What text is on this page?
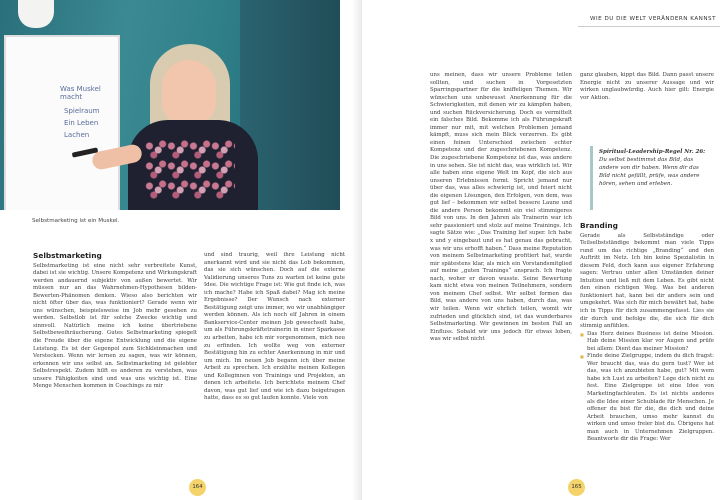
Was Muskel macht
Spielraum
Ein Leben
Lachen
Selbstmarketing ist ein Muskel.
Selbstmarketing

Selbstmarketing ist eine nicht sehr verbreitete Kunst, dabei ist sie wichtig. Unsere Kompetenz und Wirkungskraft werden andauernd subjektiv von außen bewertet. Wir müssen nur an das Wahrnehmen-Hypothesen bilden-Bewerten-Phänomen denken. Wieso also berichten wir nicht öfter über das, was funktioniert? Gerade wenn wir uns wünschen, beispielsweise im Job mehr gesehen zu werden. Selbstlob ist für solche Zwecke wichtig und sinnvoll. Natürlich meine ich keine übertriebene Selbstbeweihräucherung. Gutes Selbstmarketing spiegelt die Freude über die eigene Entwicklung und die eigene Leistung. Es ist der Gegenpol zum Sichkleinmachen und Verstecken. Wenn wir lernen zu sagen, was wir können, erkennen wir uns selbst an. Selbstmarketing ist gelebter Selbstrespekt. Zudem hilft es anderen zu verstehen, was unsere Fähigkeiten sind und was uns wichtig ist. Eine Menge Menschen kommen in Coachings zu mir

und sind traurig, weil ihre Leistung nicht anerkannt wird und sie nicht das Lob bekommen, das sie sich wünschen. Doch auf die externe Validierung unseres Tuns zu warten ist keine gute Idee. Die wichtige Frage ist: Wie gut finde ich, was ich mache? Habe ich Spaß dabei? Mag ich meine Ergebnisse? Der Wunsch nach externer Bestätigung zeigt uns immer, wo wir unabhängiger werden können. Als ich noch elf Jahren in einem Bankservice-Center meinen Job gewechselt habe, um als Führungskräftetrainerin in einer Sparkasse zu arbeiten, habe ich mir vorgenommen, mich neu zu erfinden. Ich wollte weg von externer Bestätigung hin zu echter Anerkennung in mir und um mich. Im neuen Job begann ich über meine Arbeit zu sprechen. Ich erzählte meinen Kollegen und Kolleginnen von Trainings und Projekten, an denen ich arbeitete. Ich berichtete meinem Chef davon, was gut lief und wie ich dazu beigetragen hatte, dass es so gut laufen konnte. Viele von

164
WIE DU DIE WELT VERÄNDERN KANNST

uns meinen, dass wir unsere Probleme teilen sollten, und suchen in Vorgesetzten Sparringspartner für die kniffeligen Themen. Wir wünschen uns unbewusst Anerkennung für die Schwierigkeiten, mit denen wir zu kämpfen haben, und suchen Rückversicherung. Doch es vermittelt ein falsches Bild. Bekomme ich als Führungskraft immer nur mit, mit welchen Problemen jemand kämpft, muss sich mein Blick verzerren. Es gibt einen feinen Unterschied zwischen echter Kompetenz und der zugeschriebenen Kompetenz. Die zugeschriebene Kompetenz ist das, was andere in uns sehen. Sie ist nicht das, was wirklich ist. Wir alle haben eine eigene Welt im Kopf, die sich aus unseren Erlebnissen formt. Spricht jemand nur über das, was alles schwierig ist, und feiert nicht die eigenen Lösungen, den Erfolgen, von dem, was gut lief – bekommen wir selbst bessere Laune und die andere Person bekommt ein viel stimmigeres Bild von uns. In den Jahren als Trainerin war ich sehr passioniert und stolz auf meine Trainings. Ich sagte Sätze wie: „Das Training lief super. Ich habe x und y eingebaut und es hat genau das gebracht, was wir uns erhofft haben.“ Dass meine Reputation von meinem Selbstmarketing profitiert hat, wurde mir spätestens klar, als mich ein Vorstandsmitglied auf meine „guten Trainings“ ansprach. Ich fragte nach, woher er davon wusste. Seine Bewertung kam nicht etwa von meinen Teilnehmern, sondern von meinem Chef selbst. Wir selbst formen das Bild, was andere von uns haben, durch das, was wir teilen. Wenn wir ehrlich teilen, womit wir zufrieden und glücklich sind, ist das wunderbares Selbstmarketing. Wir gewinnen im besten Fall an Einfluss. Sobald wir uns jedoch für etwas loben, was wir selbst nicht

ganz glauben, kippt das Bild. Dann passt unsere Energie nicht zu unserer Aussage und wir wirken unglaubwürdig. Auch hier gilt: Energie vor Aktion.

Spiritual-Leadership-Regel Nr. 26:
Du selbst bestimmst das Bild, das andere von dir haben. Wenn dir das Bild nicht gefällt, prüfe, was andere hören, sehen und erleben.
Branding

Gerade als Selbstständige oder Teilselbstständige bekommt man viele Tipps rund um das richtige „Branding“ und den Auftritt im Netz. Ich bin keine Spezialistin in diesem Feld, doch kann aus eigener Erfahrung sagen: Vertrau unter allen Umständen deiner Intuition und ließ mit dem Leben. Es gibt nicht den einen richtigen Weg. Was bei anderen funktioniert hat, kann bei dir anders sein und umgekehrt. Was sich für mich bewährt hat, habe ich in Tipps für dich zusammengefasst. Lies sie dir durch und befolge die, die sich für dich stimmig anfühlen.

■ Das Herz deines Business ist deine Mission. Hab deine Mission klar vor Augen und prüfe bei allem: Dient das meiner Mission?
■ Finde deine Zielgruppe, indem du dich fragst: Wer braucht das, was du gern tust? Wer ist das, was ich anzubieten habe, gut? Mit wem habe ich Lust zu arbeiten? Lege dich nicht zu fest. Eine Zielgruppe ist eine Idee von Marketingfachleuten. Es ist nichts anderes als die Idee einer Schublade für Menschen. Je offener du bist für die, die dich und deine Arbeit brauchen, umso mehr kannst du wirken und umso freier bist du. Übrigens hat man auch in Unternehmen Zielgruppen. Beantworte dir die Frage: Wer
165
